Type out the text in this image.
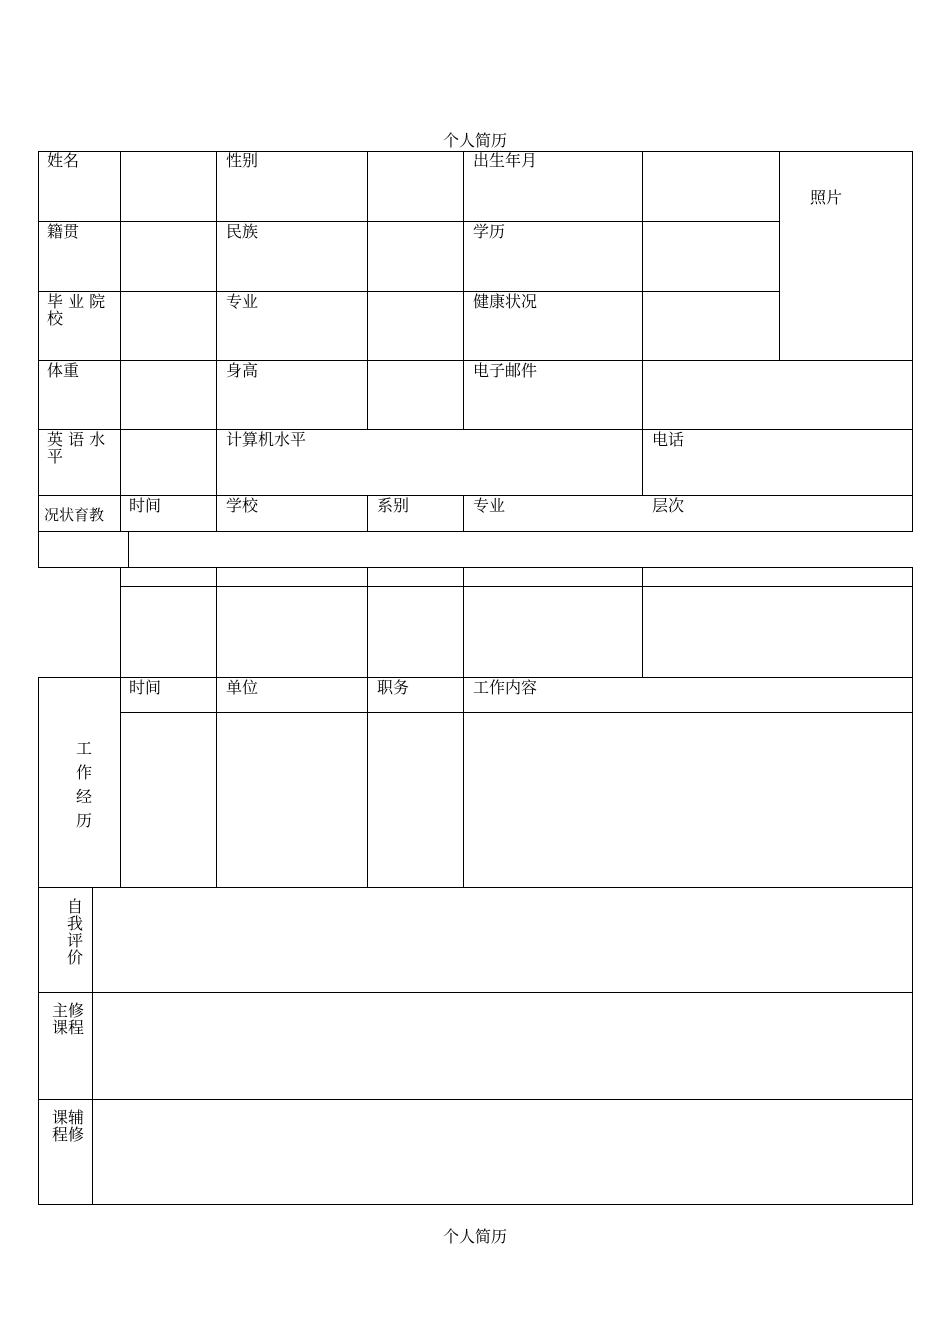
个人简历
姓名	性别	出生年月
照片
籍贯	民族	学历
毕 业 院
校
专业	健康状况
体重	身高	电子邮件
英 语 水
平
计算机水平	电话
况状育教 时间	学校	系别	专业	层次
时间	单位	职务	工作内容
工作经历
自我评价
主修
课程
课辅
程修
个人简历
